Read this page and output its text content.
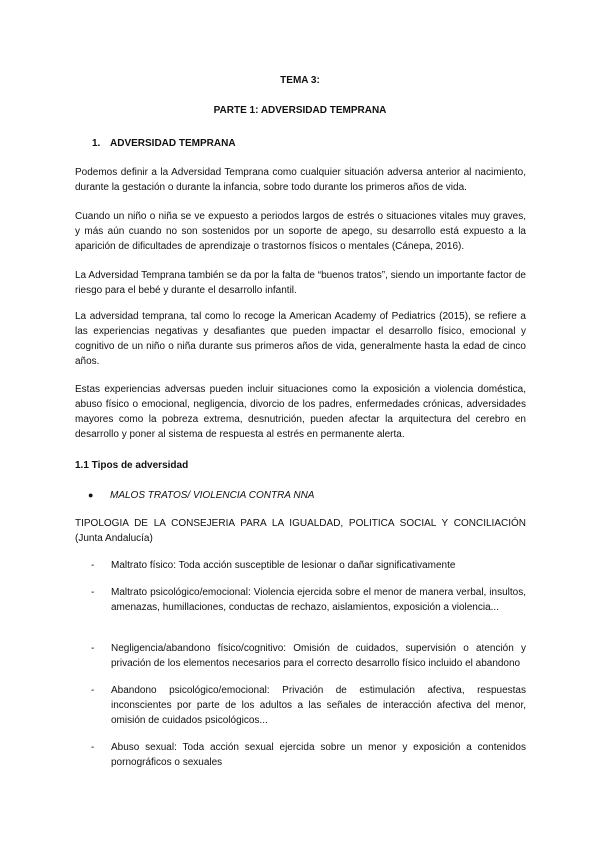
TEMA 3:
PARTE 1: ADVERSIDAD TEMPRANA
1. ADVERSIDAD TEMPRANA

Podemos definir a la Adversidad Temprana como cualquier situación adversa anterior al nacimiento, durante la gestación o durante la infancia, sobre todo durante los primeros años de vida.

Cuando un niño o niña se ve expuesto a periodos largos de estrés o situaciones vitales muy graves, y más aún cuando no son sostenidos por un soporte de apego, su desarrollo está expuesto a la aparición de dificultades de aprendizaje o trastornos físicos o mentales (Cánepa, 2016).

La Adversidad Temprana también se da por la falta de “buenos tratos”, siendo un importante factor de riesgo para el bebé y durante el desarrollo infantil.

La adversidad temprana, tal como lo recoge la American Academy of Pediatrics (2015), se refiere a las experiencias negativas y desafiantes que pueden impactar el desarrollo físico, emocional y cognitivo de un niño o niña durante sus primeros años de vida, generalmente hasta la edad de cinco años.

Estas experiencias adversas pueden incluir situaciones como la exposición a violencia doméstica, abuso físico o emocional, negligencia, divorcio de los padres, enfermedades crónicas, adversidades mayores como la pobreza extrema, desnutrición, pueden afectar la arquitectura del cerebro en desarrollo y poner al sistema de respuesta al estrés en permanente alerta.

1.1 Tipos de adversidad
● MALOS TRATOS/ VIOLENCIA CONTRA NNA

TIPOLOGIA DE LA CONSEJERIA PARA LA IGUALDAD, POLITICA SOCIAL Y CONCILIACIÓN (Junta Andalucía)

- Maltrato físico: Toda acción susceptible de lesionar o dañar significativamente

- Maltrato psicológico/emocional: Violencia ejercida sobre el menor de manera verbal, insultos, amenazas, humillaciones, conductas de rechazo, aislamientos, exposición a violencia...

- Negligencia/abandono físico/cognitivo: Omisión de cuidados, supervisión o atención y privación de los elementos necesarios para el correcto desarrollo físico incluido el abandono

- Abandono psicológico/emocional: Privación de estimulación afectiva, respuestas inconscientes por parte de los adultos a las señales de interacción afectiva del menor, omisión de cuidados psicológicos...

- Abuso sexual: Toda acción sexual ejercida sobre un menor y exposición a contenidos pornográficos o sexuales
